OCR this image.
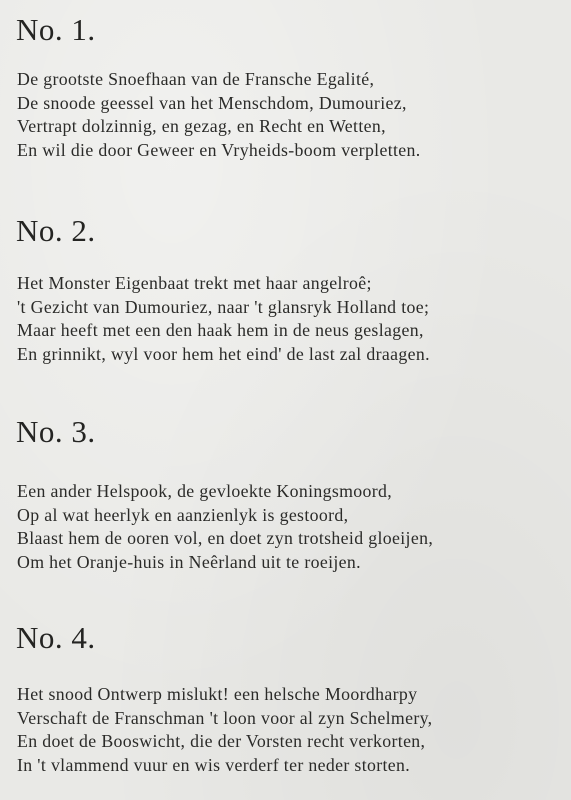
No. 1.
De grootste Snoefhaan van de Fransche Egalité,
De snoode geessel van het Menschdom, Dumouriez,
Vertrapt dolzinnig, en gezag, en Recht en Wetten,
En wil die door Geweer en Vryheids-boom verpletten.
No. 2.
Het Monster Eigenbaat trekt met haar angelroê;
't Gezicht van Dumouriez, naar 't glansryk Holland toe;
Maar heeft met een den haak hem in de neus geslagen,
En grinnikt, wyl voor hem het eind' de last zal draagen.
No. 3.
Een ander Helspook, de gevloekte Koningsmoord,
Op al wat heerlyk en aanzienlyk is gestoord,
Blaast hem de ooren vol, en doet zyn trotsheid gloeijen,
Om het Oranje-huis in Neêrland uit te roeijen.
No. 4.
Het snood Ontwerp mislukt! een helsche Moordharpy
Verschaft de Franschman 't loon voor al zyn Schelmery,
En doet de Booswicht, die der Vorsten recht verkorten,
In 't vlammend vuur en wis verderf ter neder storten.
